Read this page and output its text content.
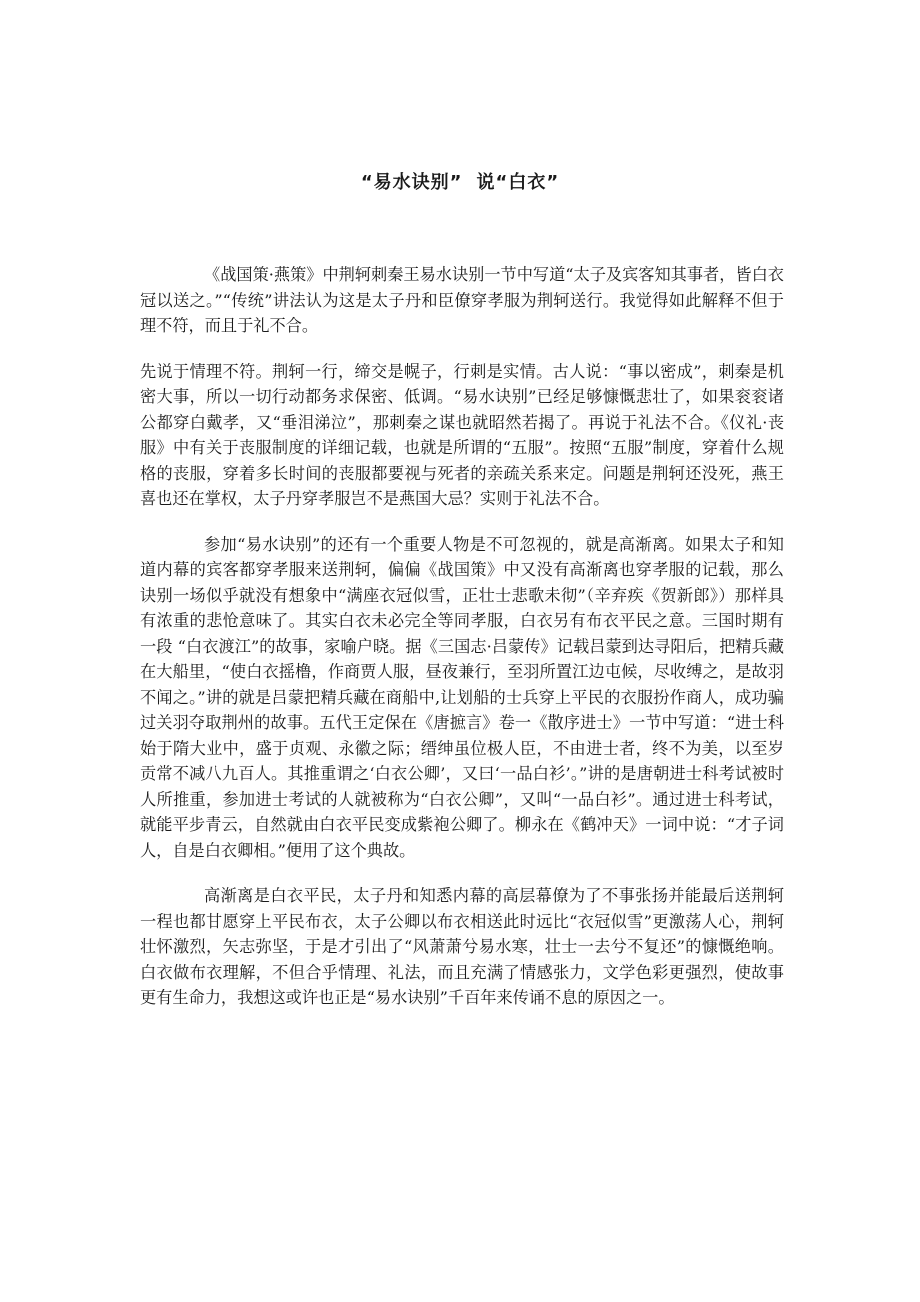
“易水诀别” 说“白衣”

《战国策·燕策》中荆轲刺秦王易水诀别一节中写道“太子及宾客知其事者，皆白衣冠以送之。”“传统”讲法认为这是太子丹和臣僚穿孝服为荆轲送行。我觉得如此解释不但于理不符，而且于礼不合。

先说于情理不符。荆轲一行，缔交是幌子，行刺是实情。古人说：“事以密成”，刺秦是机密大事，所以一切行动都务求保密、低调。“易水诀别”已经足够慷慨悲壮了，如果衮衮诸公都穿白戴孝，又“垂泪涕泣”，那刺秦之谋也就昭然若揭了。再说于礼法不合。《仪礼·丧服》中有关于丧服制度的详细记载，也就是所谓的“五服”。按照“五服”制度，穿着什么规格的丧服，穿着多长时间的丧服都要视与死者的亲疏关系来定。问题是荆轲还没死，燕王喜也还在掌权，太子丹穿孝服岂不是燕国大忌？实则于礼法不合。

参加“易水诀别”的还有一个重要人物是不可忽视的，就是高渐离。如果太子和知道内幕的宾客都穿孝服来送荆轲，偏偏《战国策》中又没有高渐离也穿孝服的记载，那么诀别一场似乎就没有想象中“满座衣冠似雪，正壮士悲歌未彻”（辛弃疾《贺新郎》）那样具有浓重的悲怆意味了。其实白衣未必完全等同孝服，白衣另有布衣平民之意。三国时期有一段 “白衣渡江”的故事，家喻户晓。据《三国志·吕蒙传》记载吕蒙到达寻阳后，把精兵藏在大船里，“使白衣摇橹，作商贾人服，昼夜兼行，至羽所置江边屯候，尽收缚之，是故羽不闻之。”讲的就是吕蒙把精兵藏在商船中,让划船的士兵穿上平民的衣服扮作商人，成功骗过关羽夺取荆州的故事。五代王定保在《唐摭言》卷一《散序进士》一节中写道：“进士科始于隋大业中，盛于贞观、永徽之际；缙绅虽位极人臣，不由进士者，终不为美，以至岁贡常不减八九百人。其推重谓之‘白衣公卿’，又曰‘一品白衫’。”讲的是唐朝进士科考试被时人所推重，参加进士考试的人就被称为“白衣公卿”，又叫“一品白衫”。通过进士科考试，就能平步青云，自然就由白衣平民变成紫袍公卿了。柳永在《鹤冲天》一词中说：“才子词人，自是白衣卿相。”便用了这个典故。

高渐离是白衣平民，太子丹和知悉内幕的高层幕僚为了不事张扬并能最后送荆轲一程也都甘愿穿上平民布衣，太子公卿以布衣相送此时远比“衣冠似雪”更激荡人心，荆轲壮怀激烈，矢志弥坚，于是才引出了“风萧萧兮易水寒，壮士一去兮不复还”的慷慨绝响。白衣做布衣理解，不但合乎情理、礼法，而且充满了情感张力，文学色彩更强烈，使故事更有生命力，我想这或许也正是“易水诀别”千百年来传诵不息的原因之一。
